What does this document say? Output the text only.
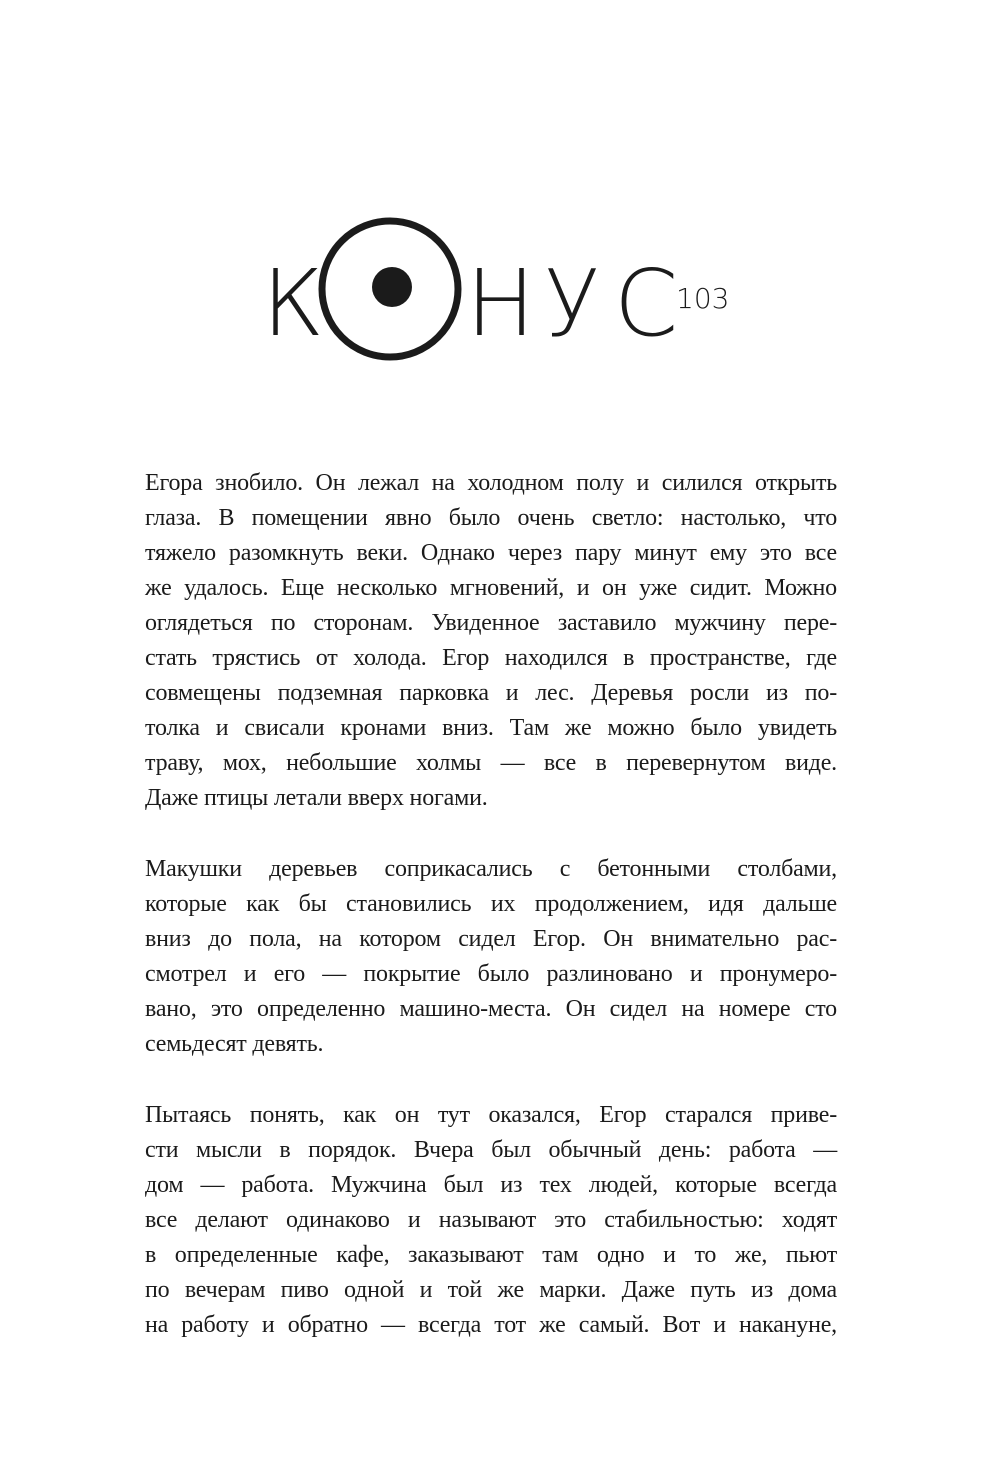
К Н У С
103
Егора знобило. Он лежал на холодном полу и силился открыть
глаза. В помещении явно было очень светло: настолько, что
тяжело разомкнуть веки. Однако через пару минут ему это все
же удалось. Еще несколько мгновений, и он уже сидит. Можно
оглядеться по сторонам. Увиденное заставило мужчину пере-
стать трястись от холода. Егор находился в пространстве, где
совмещены подземная парковка и лес. Деревья росли из по-
толка и свисали кронами вниз. Там же можно было увидеть
траву, мох, небольшие холмы — все в перевернутом виде.
Даже птицы летали вверх ногами.
Макушки деревьев соприкасались с бетонными столбами,
которые как бы становились их продолжением, идя дальше
вниз до пола, на котором сидел Егор. Он внимательно рас-
смотрел и его — покрытие было разлиновано и пронумеро-
вано, это определенно машино-места. Он сидел на номере сто
семьдесят девять.
Пытаясь понять, как он тут оказался, Егор старался приве-
сти мысли в порядок. Вчера был обычный день: работа —
дом — работа. Мужчина был из тех людей, которые всегда
все делают одинаково и называют это стабильностью: ходят
в определенные кафе, заказывают там одно и то же, пьют
по вечерам пиво одной и той же марки. Даже путь из дома
на работу и обратно — всегда тот же самый. Вот и накануне,
